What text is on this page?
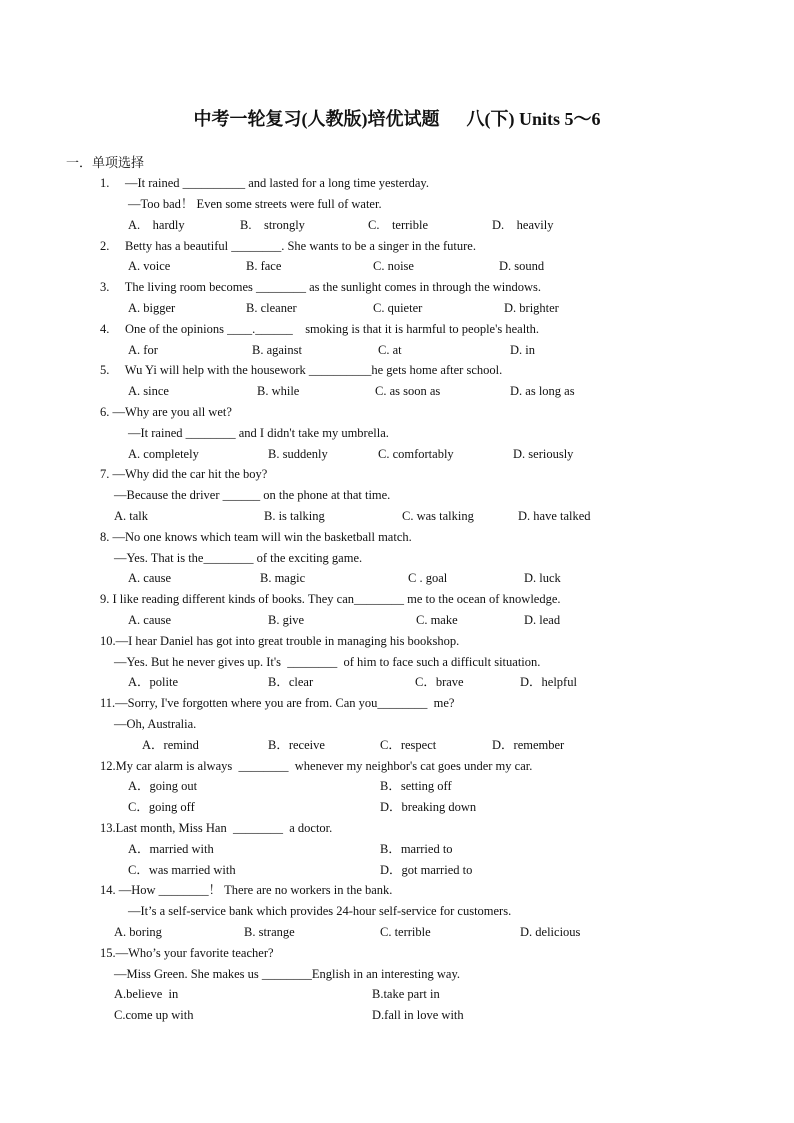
中考一轮复习(人教版)培优试题      八(下) Units 5～6
一．单项选择
1.     —It rained __________ and lasted for a long time yesterday.
—Too bad！ Even some streets were full of water.
A.    hardly	B.    strongly	C.    terrible	D.    heavily
2.     Betty has a beautiful ________. She wants to be a singer in the future.
A. voice	B. face	C. noise	D. sound
3.     The living room becomes ________ as the sunlight comes in through the windows.
A. bigger	B. cleaner	C. quieter	D. brighter
4.     One of the opinions ____.______    smoking is that it is harmful to people's health.
A. for	B. against	C. at	D. in
5.     Wu Yi will help with the housework __________he gets home after school.
A. since	B. while	C. as soon as	D. as long as
6. —Why are you all wet?
—It rained ________ and I didn't take my umbrella.
A. completely	B. suddenly	C. comfortably	D. seriously
7. —Why did the car hit the boy?
—Because the driver ______ on the phone at that time.
A. talk	B. is talking	C. was talking	D. have talked
8. —No one knows which team will win the basketball match.
—Yes. That is the________ of the exciting game.
A. cause	B. magic	C . goal	D. luck
9. I like reading different kinds of books. They can________ me to the ocean of knowledge.
A. cause	B. give	C. make	D. lead
10.—I hear Daniel has got into great trouble in managing his bookshop.
—Yes. But he never gives up. It's  ________  of him to face such a difficult situation.
A．polite	B．clear	C．brave	D．helpful
11.—Sorry, I've forgotten where you are from. Can you________  me?
—Oh, Australia.
A．remind	B．receive	C．respect	D．remember
12.My car alarm is always  ________  whenever my neighbor's cat goes under my car.
A．going out	B．setting off
C．going off	D．breaking down
13.Last month, Miss Han  ________  a doctor.
A．married with	B．married to
C．was married with	D．got married to
14. —How ________！ There are no workers in the bank.
—It’s a self-service bank which provides 24-hour self-service for customers.
A. boring	B. strange	C. terrible	D. delicious
15.—Who’s your favorite teacher?
—Miss Green. She makes us ________English in an interesting way.
A.believe  in	B.take part in
C.come up with	D.fall in love with
